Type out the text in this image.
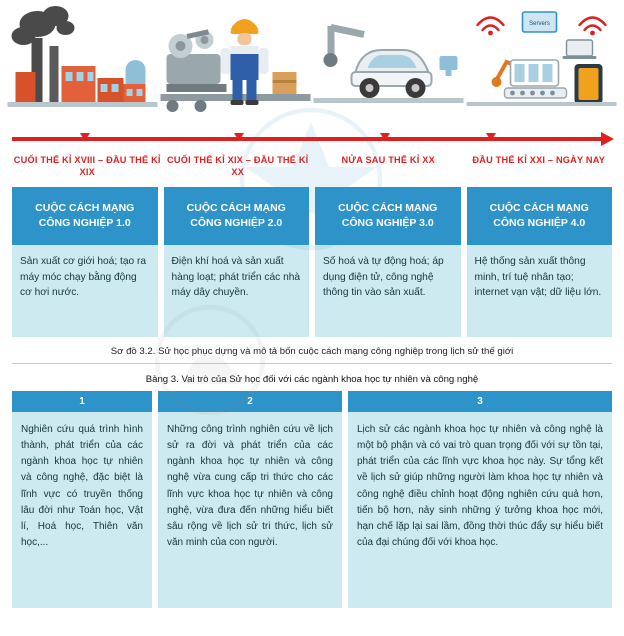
Servers
CUỐI THẾ KỈ XVIII – ĐẦU THẾ KỈ XIX
CUỐI THẾ KỈ XIX – ĐẦU THẾ KỈ XX
NỬA SAU THẾ KỈ XX	ĐẦU THẾ KỈ XXI – NGÀY NAY
CUỘC CÁCH MẠNG CÔNG NGHIỆP 1.0
Sản xuất cơ giới hoá; tạo ra máy móc chạy bằng động cơ hơi nước.
CUỘC CÁCH MẠNG CÔNG NGHIỆP 2.0
Điện khí hoá và sản xuất hàng loạt; phát triển các nhà máy dây chuyền.
CUỘC CÁCH MẠNG CÔNG NGHIỆP 3.0
Số hoá và tự động hoá; áp dụng điện tử, công nghệ thông tin vào sản xuất.
CUỘC CÁCH MẠNG CÔNG NGHIỆP 4.0
Hệ thống sản xuất thông minh, trí tuệ nhân tạo; internet vạn vật; dữ liệu lớn.
Sơ đồ 3.2. Sử học phục dựng và mô tả bốn cuộc cách mạng công nghiệp trong lịch sử thế giới
Bảng 3. Vai trò của Sử học đối với các ngành khoa học tự nhiên và công nghệ
1
Nghiên cứu quá trình hình thành, phát triển của các ngành khoa học tự nhiên và công nghệ, đặc biệt là lĩnh vực có truyền thống lâu đời như Toán học, Vật lí, Hoá học, Thiên văn học,...
2
Những công trình nghiên cứu về lịch sử ra đời và phát triển của các ngành khoa học tự nhiên và công nghệ vừa cung cấp tri thức cho các lĩnh vực khoa học tự nhiên và công nghệ, vừa đưa đến những hiểu biết sâu rộng về lịch sử tri thức, lịch sử văn minh của con người.
3
Lịch sử các ngành khoa học tự nhiên và công nghệ là một bộ phận và có vai trò quan trọng đối với sự tồn tại, phát triển của các lĩnh vực khoa học này. Sự tổng kết về lịch sử giúp những người làm khoa học tự nhiên và công nghệ điều chỉnh hoạt động nghiên cứu quả hơn, tiến bộ hơn, nảy sinh những ý tưởng khoa học mới, hạn chế lặp lại sai lầm, đồng thời thúc đẩy sự hiểu biết của đại chúng đối với khoa học.
